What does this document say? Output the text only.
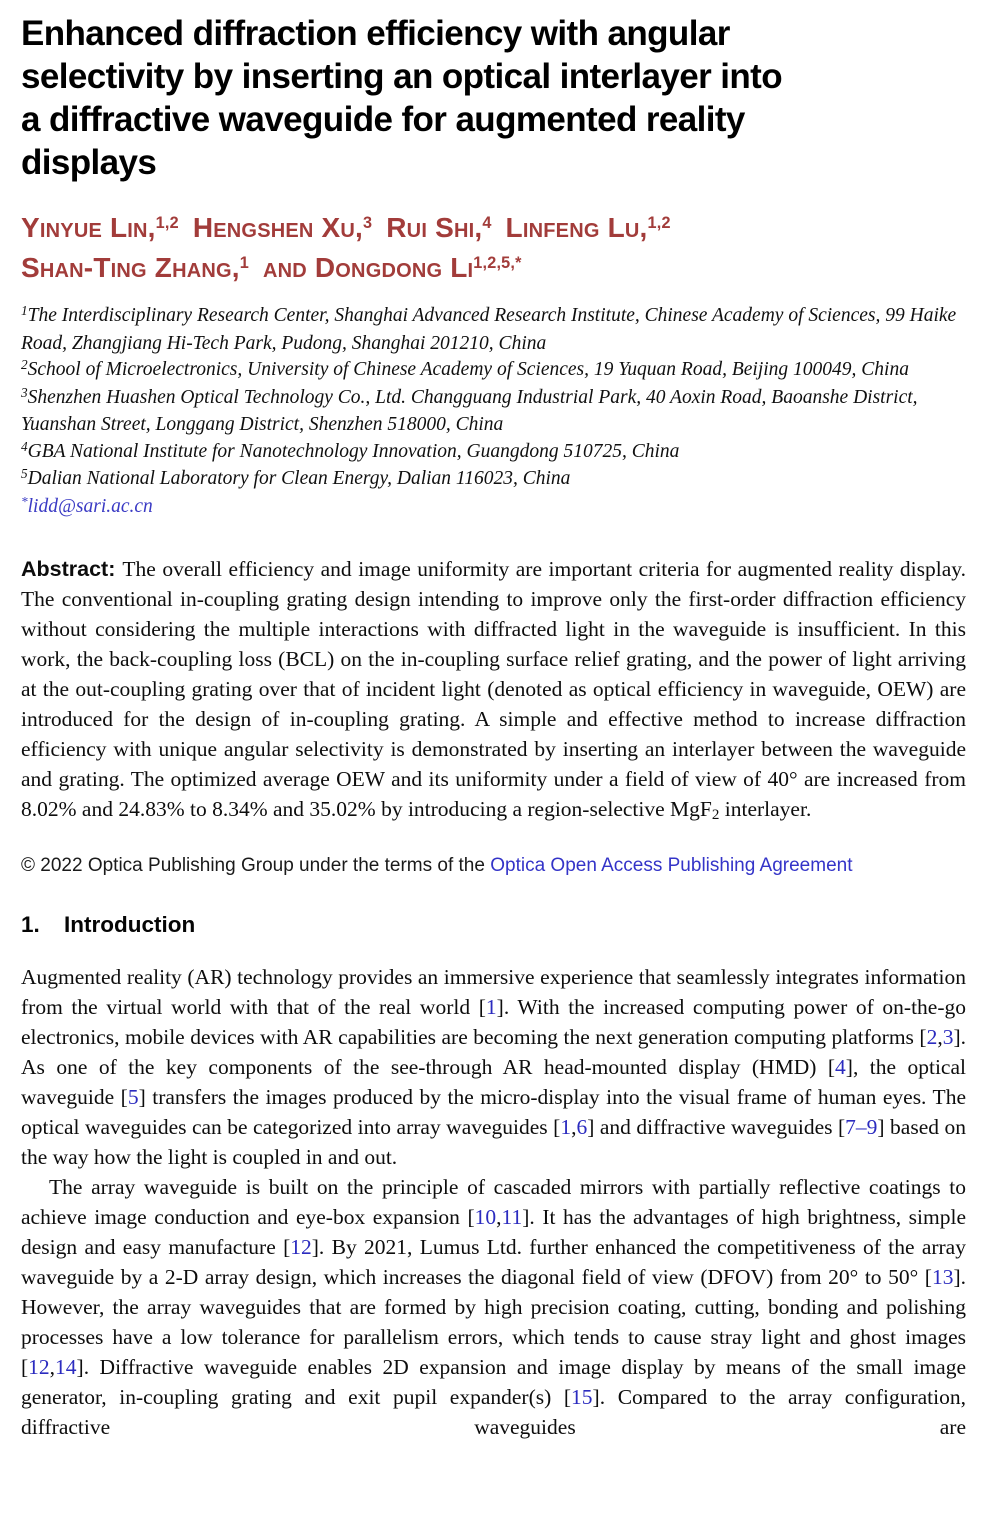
Enhanced diffraction efficiency with angular
selectivity by inserting an optical interlayer into
a diffractive waveguide for augmented reality
displays
Yinyue Lin,$^{1,2}$ Hengshen Xu,$^3$ Rui Shi,$^4$ Linfeng Lu,$^{1,2}$
Shan-Ting Zhang,$^1$ and Dongdong $Li^{1,2,5,*}$
$^1$The Interdisciplinary Research Center, Shanghai Advanced Research Institute, Chinese Academy of Sciences, 99 Haike Road, Zhangjiang Hi-Tech Park, Pudong, Shanghai 201210, China
$^2$School of Microelectronics, University of Chinese Academy of Sciences, 19 Yuquan Road, Beijing 100049, China
$^3$Shenzhen Huashen Optical Technology Co., Ltd. Changguang Industrial Park, 40 Aoxin Road, Baoanshe District, Yuanshan Street, Longgang District, Shenzhen 518000, China
$^4$GBA National Institute for Nanotechnology Innovation, Guangdong 510725, China
$^5$Dalian National Laboratory for Clean Energy, Dalian 116023, China
*lidd@sari.ac.cn

Abstract: The overall efficiency and image uniformity are important criteria for augmented reality display. The conventional in-coupling grating design intending to improve only the first-order diffraction efficiency without considering the multiple interactions with diffracted light in the waveguide is insufficient. In this work, the back-coupling loss (BCL) on the in-coupling surface relief grating, and the power of light arriving at the out-coupling grating over that of incident light (denoted as optical efficiency in waveguide, OEW) are introduced for the design of in-coupling grating. A simple and effective method to increase diffraction efficiency with unique angular selectivity is demonstrated by inserting an interlayer between the waveguide and grating. The optimized average OEW and its uniformity under a field of view of 40° are increased from 8.02% and 24.83% to 8.34% and 35.02% by introducing a region-selective MgF2 interlayer.

© 2022 Optica Publishing Group under the terms of the Optica Open Access Publishing Agreement

1. Introduction

Augmented reality (AR) technology provides an immersive experience that seamlessly integrates information from the virtual world with that of the real world [1]. With the increased computing power of on-the-go electronics, mobile devices with AR capabilities are becoming the next generation computing platforms [2,3]. As one of the key components of the see-through AR head-mounted display (HMD) [4], the optical waveguide [5] transfers the images produced by the micro-display into the visual frame of human eyes. The optical waveguides can be categorized into array waveguides [1,6] and diffractive waveguides [7–9] based on the way how the light is coupled in and out.

The array waveguide is built on the principle of cascaded mirrors with partially reflective coatings to achieve image conduction and eye-box expansion [10,11]. It has the advantages of high brightness, simple design and easy manufacture [12]. By 2021, Lumus Ltd. further enhanced the competitiveness of the array waveguide by a 2-D array design, which increases the diagonal field of view (DFOV) from 20° to 50° [13]. However, the array waveguides that are formed by high precision coating, cutting, bonding and polishing processes have a low tolerance for parallelism errors, which tends to cause stray light and ghost images [12,14]. Diffractive waveguide enables 2D expansion and image display by means of the small image generator, in-coupling grating and exit pupil expander(s) [15]. Compared to the array configuration, diffractive waveguides are
